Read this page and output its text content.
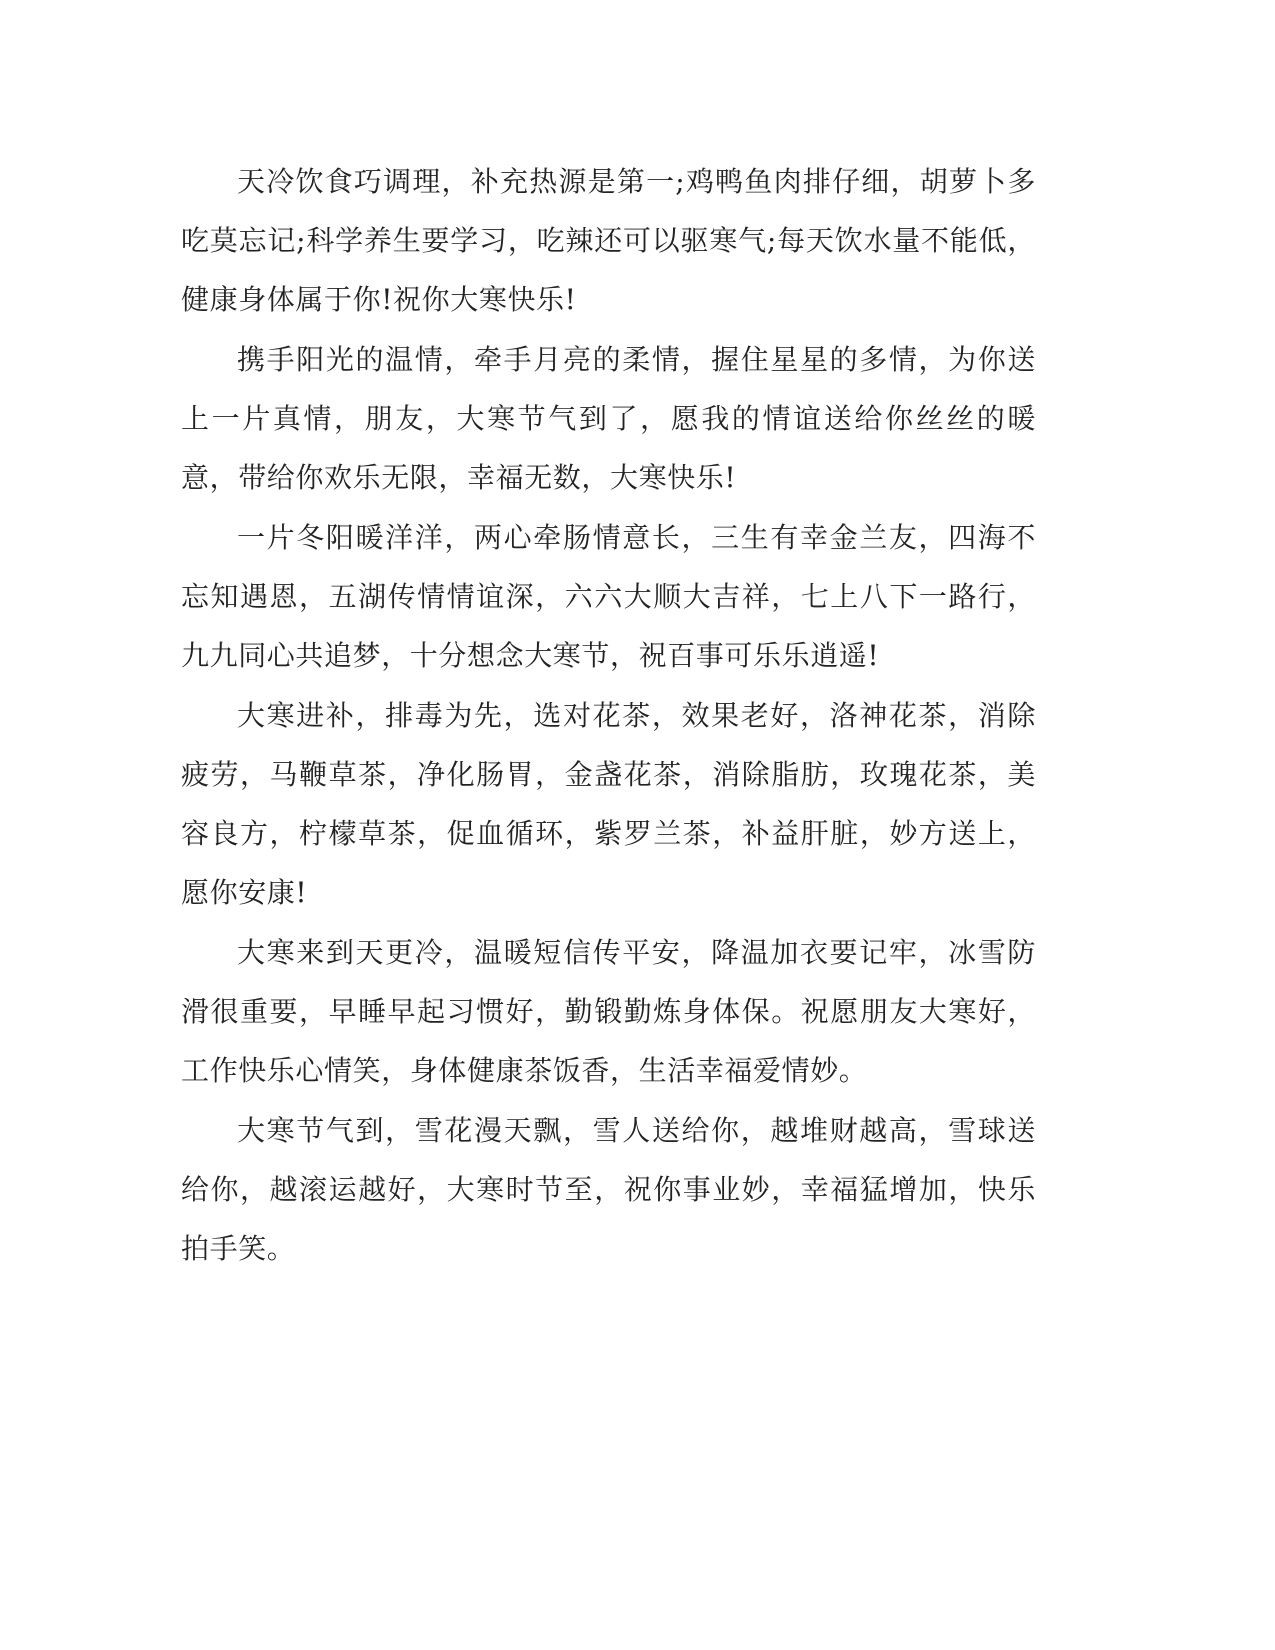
天冷饮食巧调理，补充热源是第一;鸡鸭鱼肉排仔细，胡萝卜多吃莫忘记;科学养生要学习，吃辣还可以驱寒气;每天饮水量不能低，健康身体属于你!祝你大寒快乐!

携手阳光的温情，牵手月亮的柔情，握住星星的多情，为你送上一片真情，朋友，大寒节气到了，愿我的情谊送给你丝丝的暖意，带给你欢乐无限，幸福无数，大寒快乐!

一片冬阳暖洋洋，两心牵肠情意长，三生有幸金兰友，四海不忘知遇恩，五湖传情情谊深，六六大顺大吉祥，七上八下一路行，九九同心共追梦，十分想念大寒节，祝百事可乐乐逍遥!

大寒进补，排毒为先，选对花茶，效果老好，洛神花茶，消除疲劳，马鞭草茶，净化肠胃，金盏花茶，消除脂肪，玫瑰花茶，美容良方，柠檬草茶，促血循环，紫罗兰茶，补益肝脏，妙方送上，愿你安康!

大寒来到天更冷，温暖短信传平安，降温加衣要记牢，冰雪防滑很重要，早睡早起习惯好，勤锻勤炼身体保。祝愿朋友大寒好，工作快乐心情笑，身体健康茶饭香，生活幸福爱情妙。

大寒节气到，雪花漫天飘，雪人送给你，越堆财越高，雪球送给你，越滚运越好，大寒时节至，祝你事业妙，幸福猛增加，快乐拍手笑。
